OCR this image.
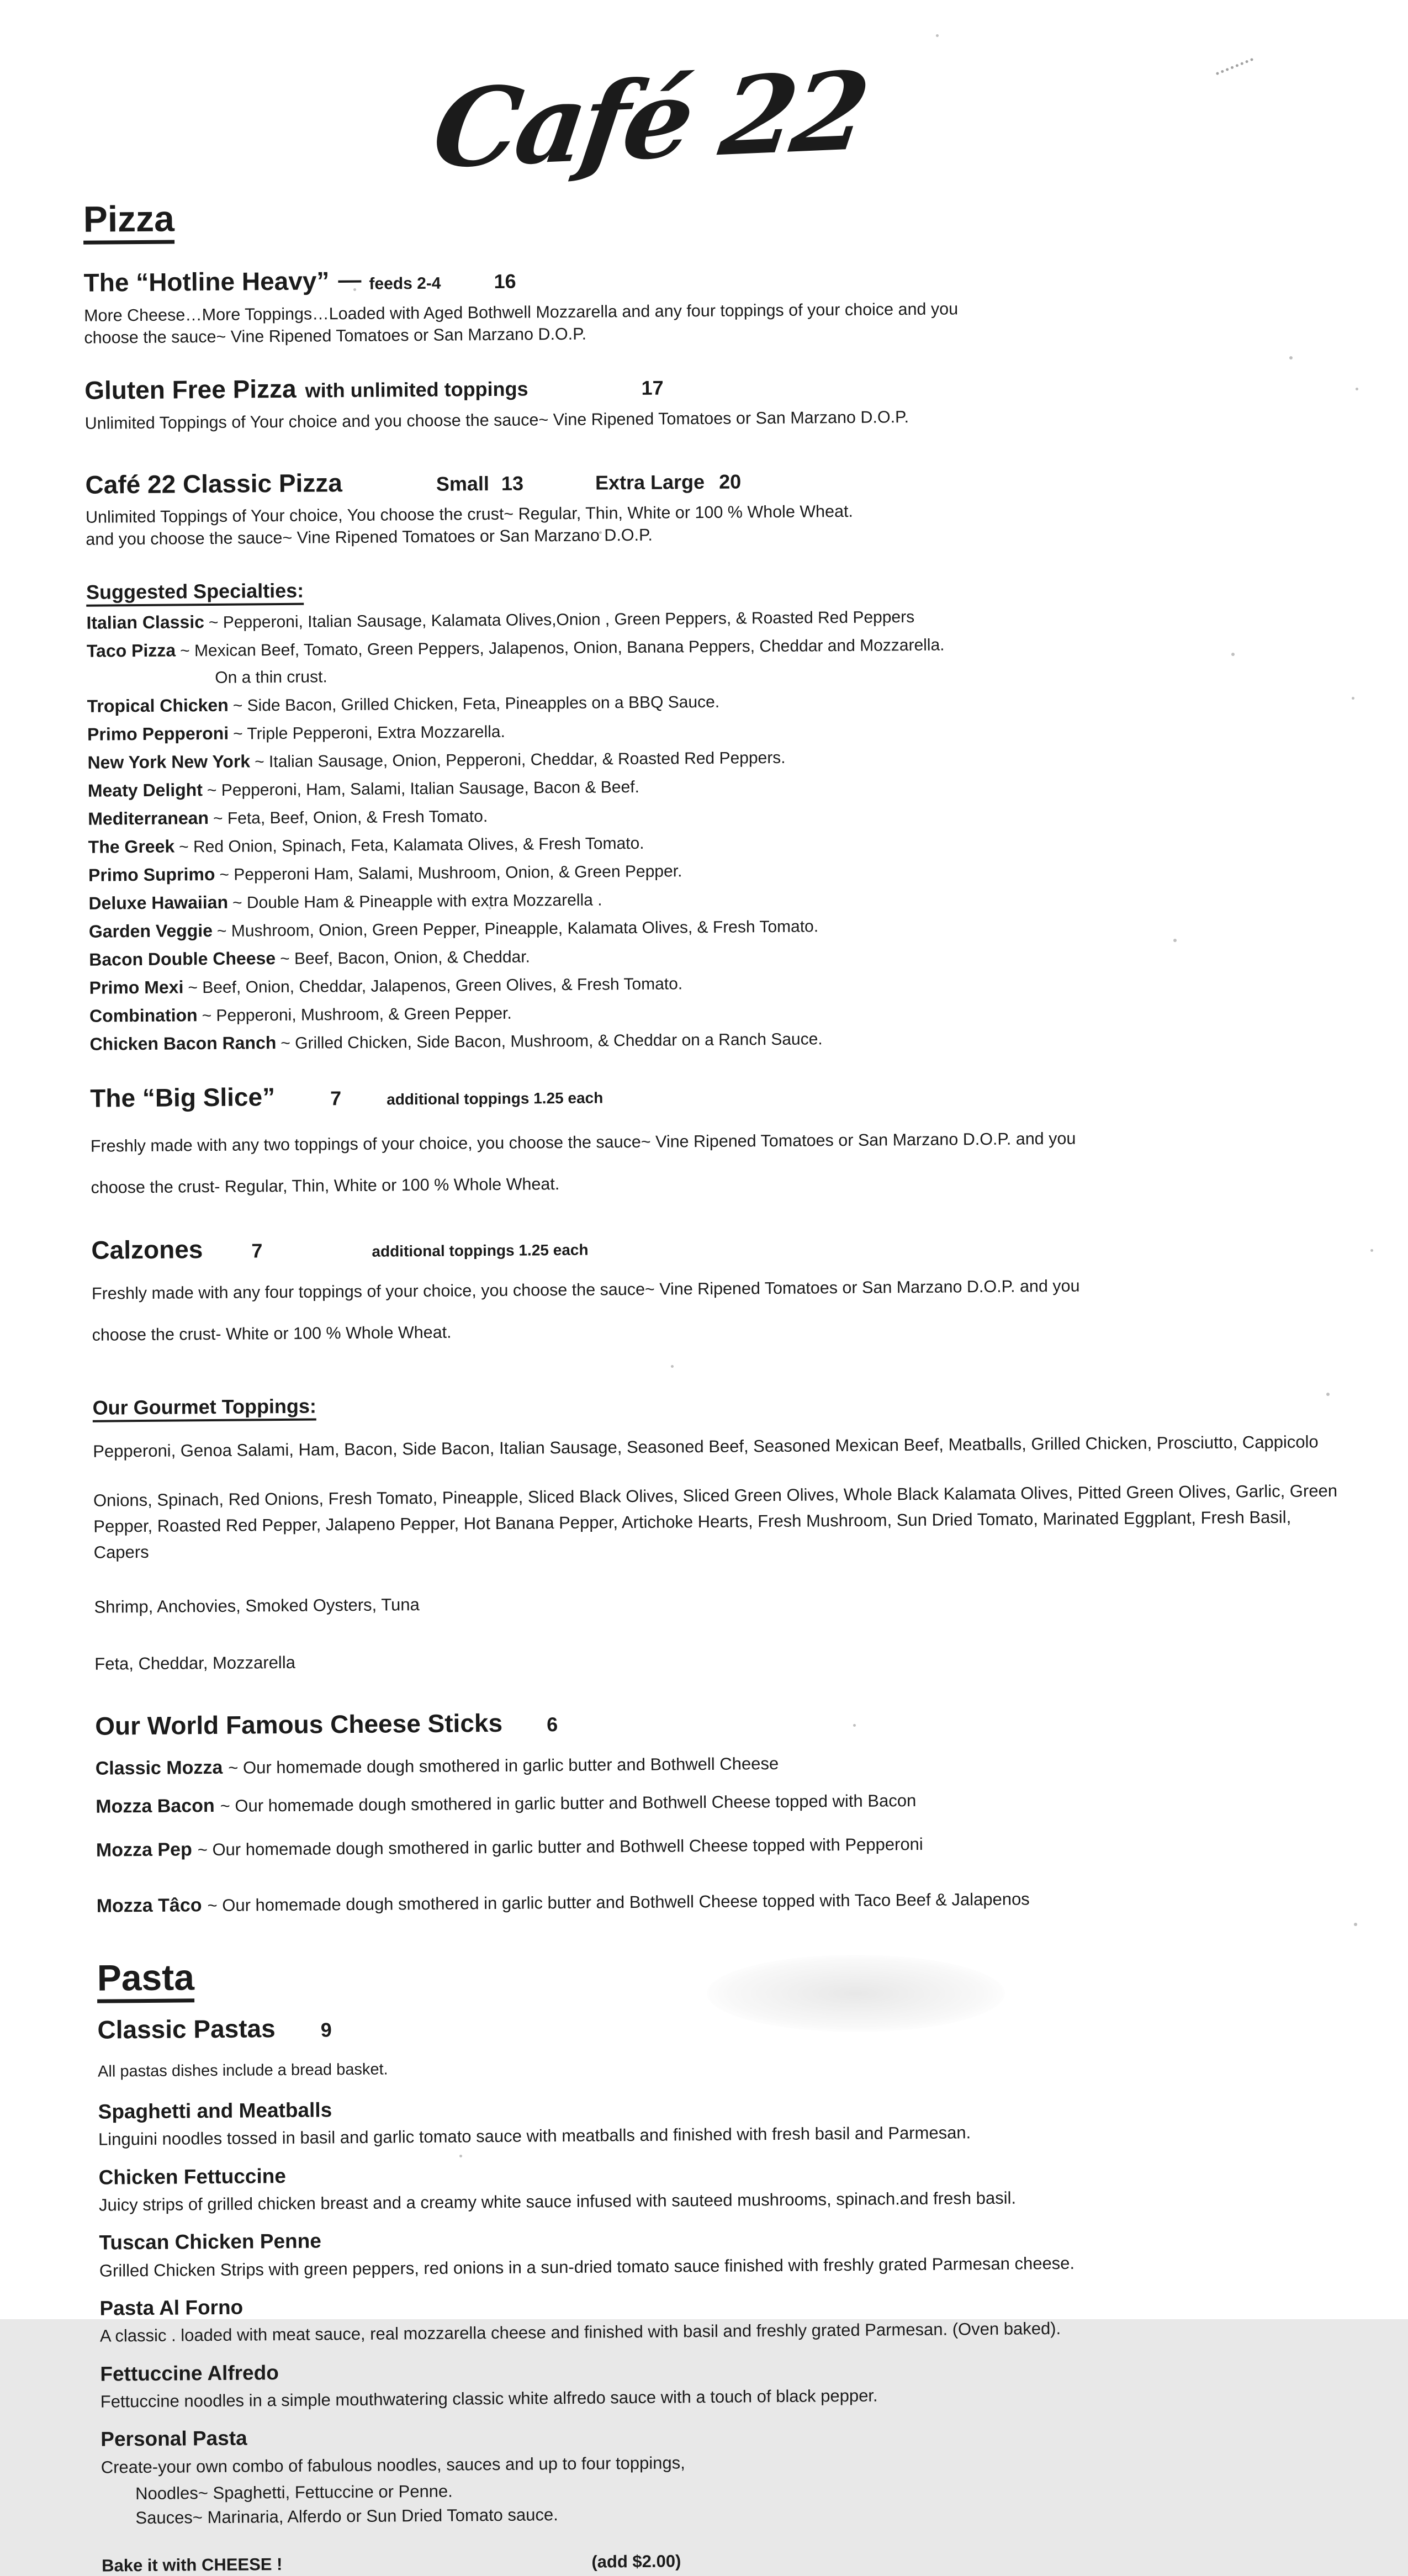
Café 22
Pizza
The “Hotline Heavy” — feeds 2-4	16

More Cheese…More Toppings…Loaded with Aged Bothwell Mozzarella and any four toppings of your choice and you

choose the sauce~ Vine Ripened Tomatoes or San Marzano D.O.P.

Gluten Free Pizza with unlimited toppings	17

Unlimited Toppings of Your choice and you choose the sauce~ Vine Ripened Tomatoes or San Marzano D.O.P.

Café 22 Classic Pizza	Small 13	Extra Large 20

Unlimited Toppings of Your choice, You choose the crust~ Regular, Thin, White or 100 % Whole Wheat.

and you choose the sauce~ Vine Ripened Tomatoes or San Marzano D.O.P.

Suggested Specialties:
Italian Classic ~ Pepperoni, Italian Sausage, Kalamata Olives,Onion , Green Peppers, & Roasted Red Peppers
Taco Pizza ~ Mexican Beef, Tomato, Green Peppers, Jalapenos, Onion, Banana Peppers, Cheddar and Mozzarella.
On a thin crust.
Tropical Chicken ~ Side Bacon, Grilled Chicken, Feta, Pineapples on a BBQ Sauce.
Primo Pepperoni ~ Triple Pepperoni, Extra Mozzarella.
New York New York ~ Italian Sausage, Onion, Pepperoni, Cheddar, & Roasted Red Peppers.
Meaty Delight ~ Pepperoni, Ham, Salami, Italian Sausage, Bacon & Beef.
Mediterranean ~ Feta, Beef, Onion, & Fresh Tomato.
The Greek ~ Red Onion, Spinach, Feta, Kalamata Olives, & Fresh Tomato.
Primo Suprimo ~ Pepperoni Ham, Salami, Mushroom, Onion, & Green Pepper.
Deluxe Hawaiian ~ Double Ham & Pineapple with extra Mozzarella .
Garden Veggie ~ Mushroom, Onion, Green Pepper, Pineapple, Kalamata Olives, & Fresh Tomato.
Bacon Double Cheese ~ Beef, Bacon, Onion, & Cheddar.
Primo Mexi ~ Beef, Onion, Cheddar, Jalapenos, Green Olives, & Fresh Tomato.
Combination ~ Pepperoni, Mushroom, & Green Pepper.
Chicken Bacon Ranch ~ Grilled Chicken, Side Bacon, Mushroom, & Cheddar on a Ranch Sauce.
The “Big Slice”	7	additional toppings 1.25 each

Freshly made with any two toppings of your choice, you choose the sauce~ Vine Ripened Tomatoes or San Marzano D.O.P. and you

choose the crust- Regular, Thin, White or 100 % Whole Wheat.

Calzones 7	additional toppings 1.25 each

Freshly made with any four toppings of your choice, you choose the sauce~ Vine Ripened Tomatoes or San Marzano D.O.P. and you

choose the crust- White or 100 % Whole Wheat.

Our Gourmet Toppings:

Pepperoni, Genoa Salami, Ham, Bacon, Side Bacon, Italian Sausage, Seasoned Beef, Seasoned Mexican Beef, Meatballs, Grilled Chicken, Prosciutto, Cappicolo

Onions, Spinach, Red Onions, Fresh Tomato, Pineapple, Sliced Black Olives, Sliced Green Olives, Whole Black Kalamata Olives, Pitted Green Olives, Garlic, Green Pepper, Roasted Red Pepper, Jalapeno Pepper, Hot Banana Pepper, Artichoke Hearts, Fresh Mushroom, Sun Dried Tomato, Marinated Eggplant, Fresh Basil, Capers

Shrimp, Anchovies, Smoked Oysters, Tuna

Feta, Cheddar, Mozzarella

Our World Famous Cheese Sticks 6
Classic Mozza ~ Our homemade dough smothered in garlic butter and Bothwell Cheese
Mozza Bacon ~ Our homemade dough smothered in garlic butter and Bothwell Cheese topped with Bacon
Mozza Pep ~ Our homemade dough smothered in garlic butter and Bothwell Cheese topped with Pepperoni
Mozza Tâco ~ Our homemade dough smothered in garlic butter and Bothwell Cheese topped with Taco Beef & Jalapenos
Pasta
Classic Pastas 9

All pastas dishes include a bread basket.

Spaghetti and Meatballs

Linguini noodles tossed in basil and garlic tomato sauce with meatballs and finished with fresh basil and Parmesan.

Chicken Fettuccine

Juicy strips of grilled chicken breast and a creamy white sauce infused with sauteed mushrooms, spinach.and fresh basil.

Tuscan Chicken Penne

Grilled Chicken Strips with green peppers, red onions in a sun-dried tomato sauce finished with freshly grated Parmesan cheese.

Pasta Al Forno

A classic . loaded with meat sauce, real mozzarella cheese and finished with basil and freshly grated Parmesan. (Oven baked).

Fettuccine Alfredo

Fettuccine noodles in a simple mouthwatering classic white alfredo sauce with a touch of black pepper.

Personal Pasta

Create-your own combo of fabulous noodles, sauces and up to four toppings,

Noodles~ Spaghetti, Fettuccine or Penne.

Sauces~ Marinaria, Alferdo or Sun Dried Tomato sauce.

Bake it with CHEESE !	(add $2.00)
